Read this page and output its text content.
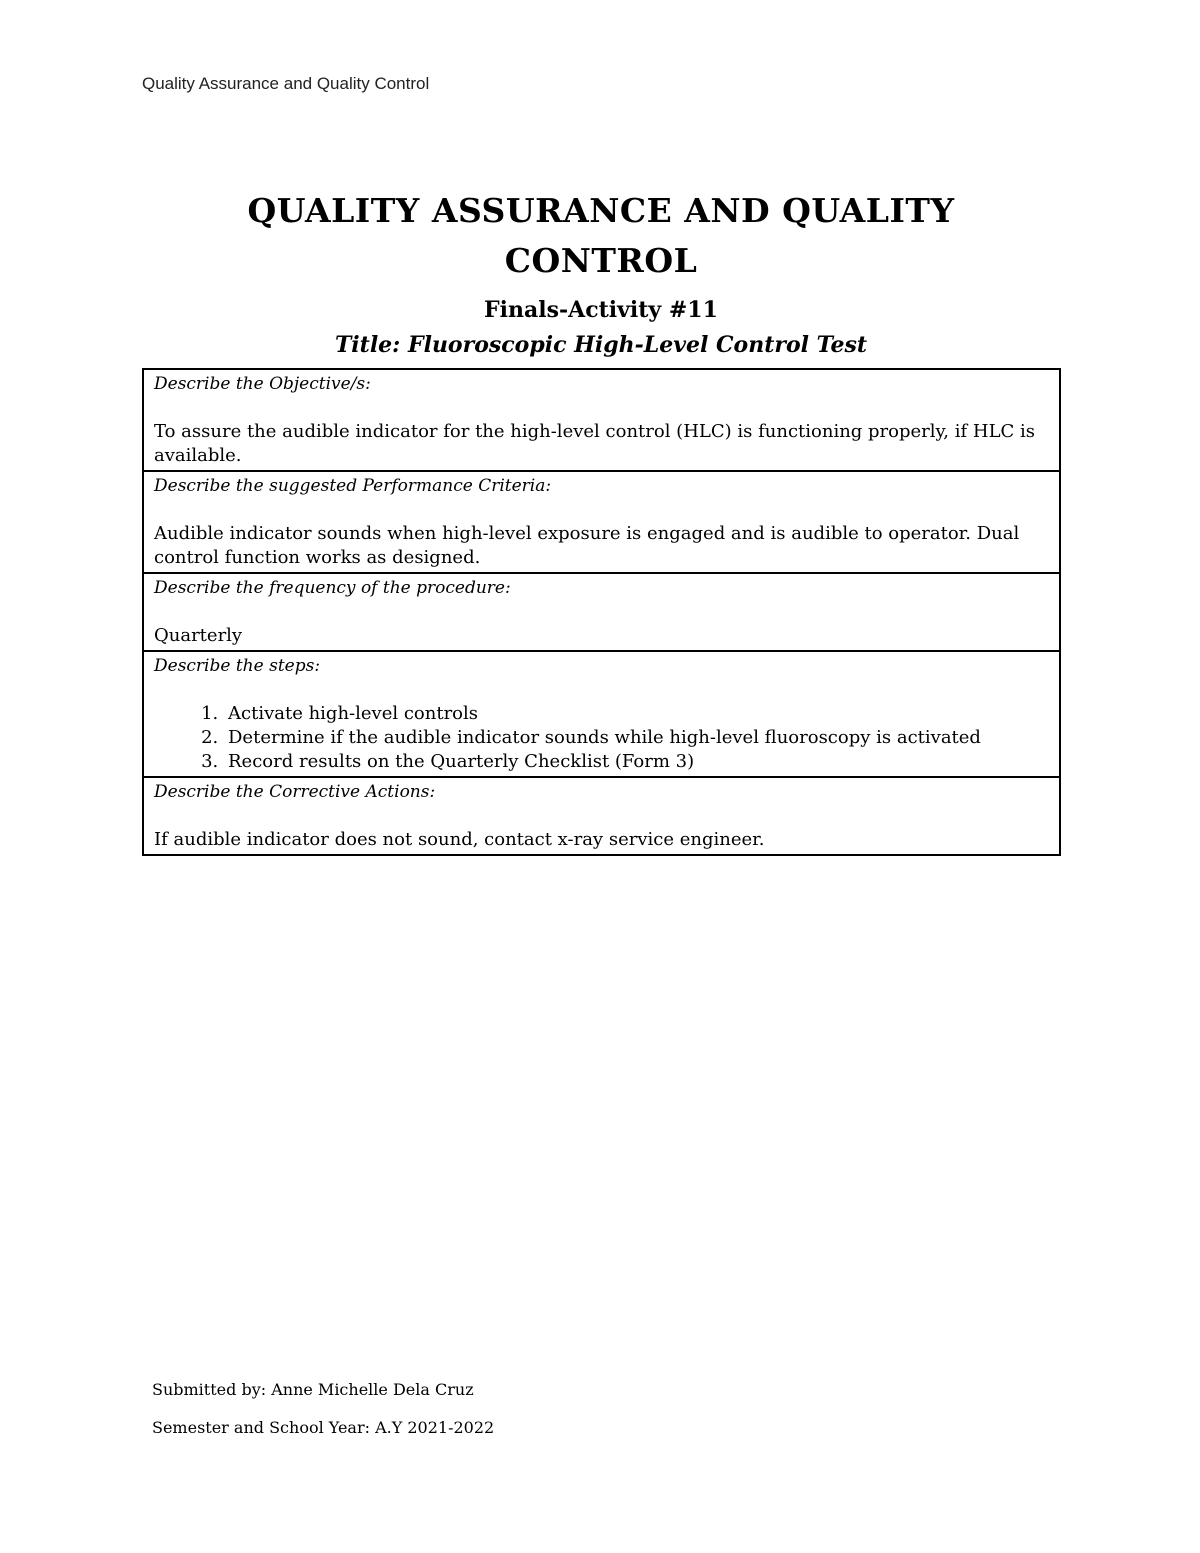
Quality Assurance and Quality Control
QUALITY ASSURANCE AND QUALITY
CONTROL
Finals-Activity #11
Title: Fluoroscopic High-Level Control Test
Describe the Objective/s:
To assure the audible indicator for the high-level control (HLC) is functioning properly, if HLC is available.

Describe the suggested Performance Criteria:
Audible indicator sounds when high-level exposure is engaged and is audible to operator. Dual control function works as designed.

Describe the frequency of the procedure:
Quarterly

Describe the steps:
1. Activate high-level controls
2. Determine if the audible indicator sounds while high-level fluoroscopy is activated
3. Record results on the Quarterly Checklist (Form 3)

Describe the Corrective Actions:
If audible indicator does not sound, contact x-ray service engineer.
Submitted by: Anne Michelle Dela Cruz
Semester and School Year: A.Y 2021-2022
